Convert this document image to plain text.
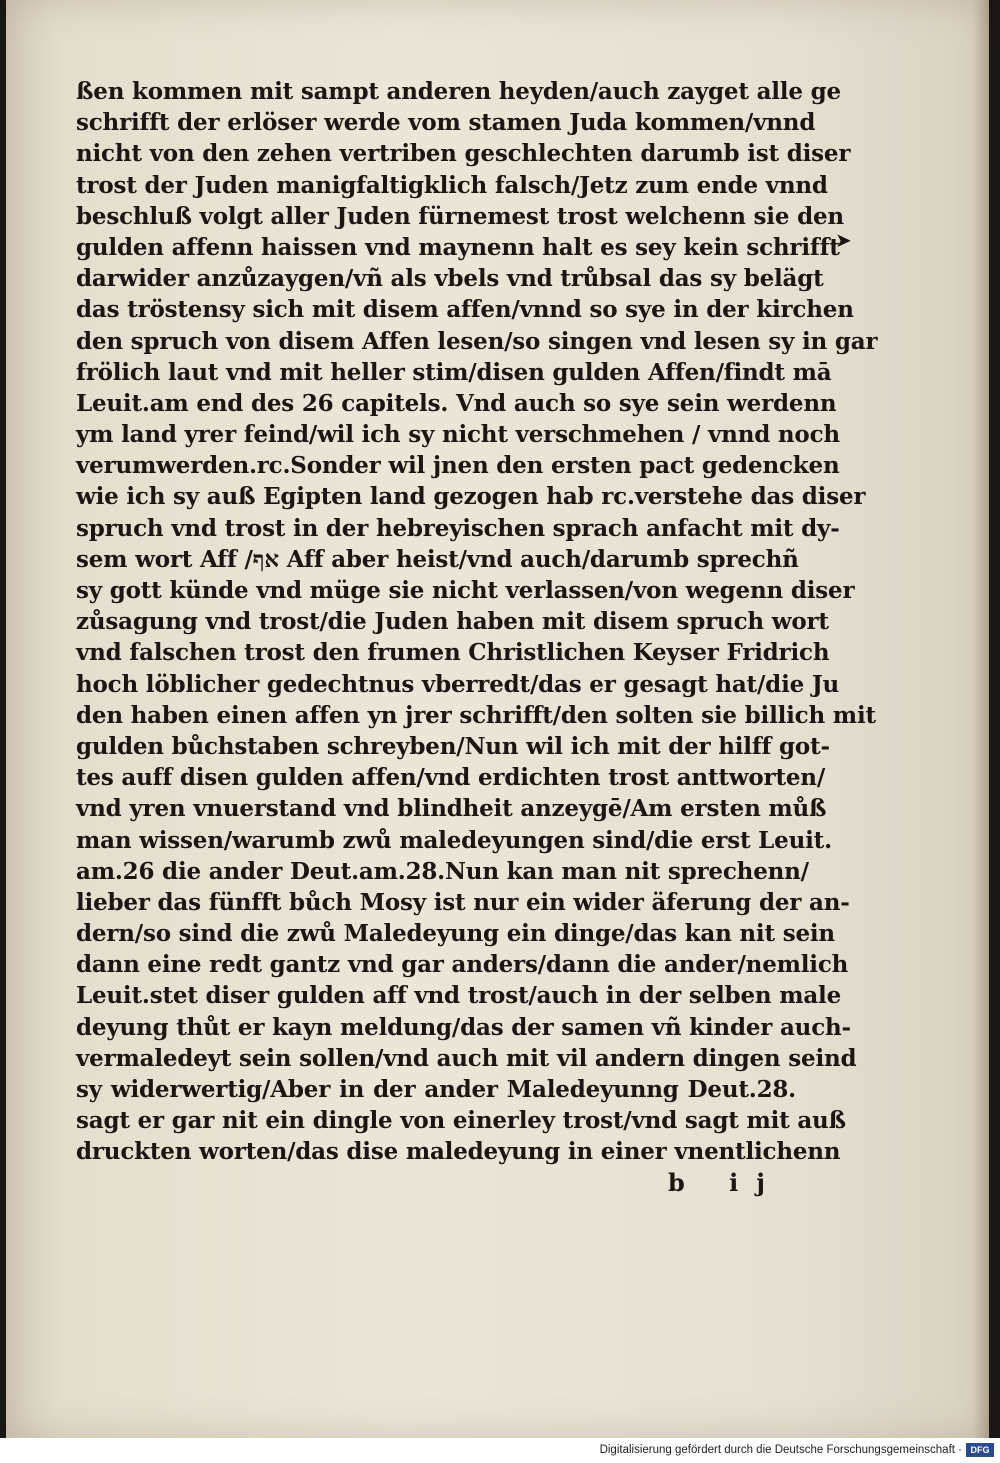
ßen kommen mit sampt anderen heyden/auch zayget alle ge
schrifft der erlöser werde vom stamen Juda kommen/vnnd
nicht von den zehen vertriben geschlechten darumb ist diser
trost der Juden manigfaltigklich falsch/Jetz zum ende vnnd
beschluß volgt aller Juden fürnemest trost welchenn sie den
gulden affenn haissen vnd maynenn halt es sey kein schrifft
darwider anzůzaygen/vñ als vbels vnd trůbsal das sy belägt
das tröstensy sich mit disem affen/vnnd so sye in der kirchen
den spruch von disem Affen lesen/so singen vnd lesen sy in gar
frölich laut vnd mit heller stim/disen gulden Affen/findt mā
Leuit.am end des 26 capitels. Vnd auch so sye sein werdenn
ym land yrer feind/wil ich sy nicht verschmehen / vnnd noch
verumwerden.rc.Sonder wil jnen den ersten pact gedencken
wie ich sy auß Egipten land gezogen hab rc.verstehe das diser
spruch vnd trost in der hebreyischen sprach anfacht mit dy-
sem wort Aff /אף Aff aber heist/vnd auch/darumb sprechñ
sy gott künde vnd müge sie nicht verlassen/von wegenn diser
zůsagung vnd trost/die Juden haben mit disem spruch wort
vnd falschen trost den frumen Christlichen Keyser Fridrich
hoch löblicher gedechtnus vberredt/das er gesagt hat/die Ju
den haben einen affen yn jrer schrifft/den solten sie billich mit
gulden bůchstaben schreyben/Nun wil ich mit der hilff got-
tes auff disen gulden affen/vnd erdichten trost anttworten/
vnd yren vnuerstand vnd blindheit anzeygē/Am ersten můß
man wissen/warumb zwů maledeyungen sind/die erst Leuit.
am.26 die ander Deut.am.28.Nun kan man nit sprechenn/
lieber das fünfft bůch Mosy ist nur ein wider äferung der an-
dern/so sind die zwů Maledeyung ein dinge/das kan nit sein
dann eine redt gantz vnd gar anders/dann die ander/nemlich
Leuit.stet diser gulden aff vnd trost/auch in der selben male
deyung thůt er kayn meldung/das der samen vñ kinder auch-
vermaledeyt sein sollen/vnd auch mit vil andern dingen seind
sy widerwertig/Aber in der ander Maledeyunng Deut.28.
sagt er gar nit ein dingle von einerley trost/vnd sagt mit auß
druckten worten/das dise maledeyung in einer vnentlichenn
➤
b ij
Digitalisierung gefördert durch die Deutsche Forschungsgemeinschaft · DFG
